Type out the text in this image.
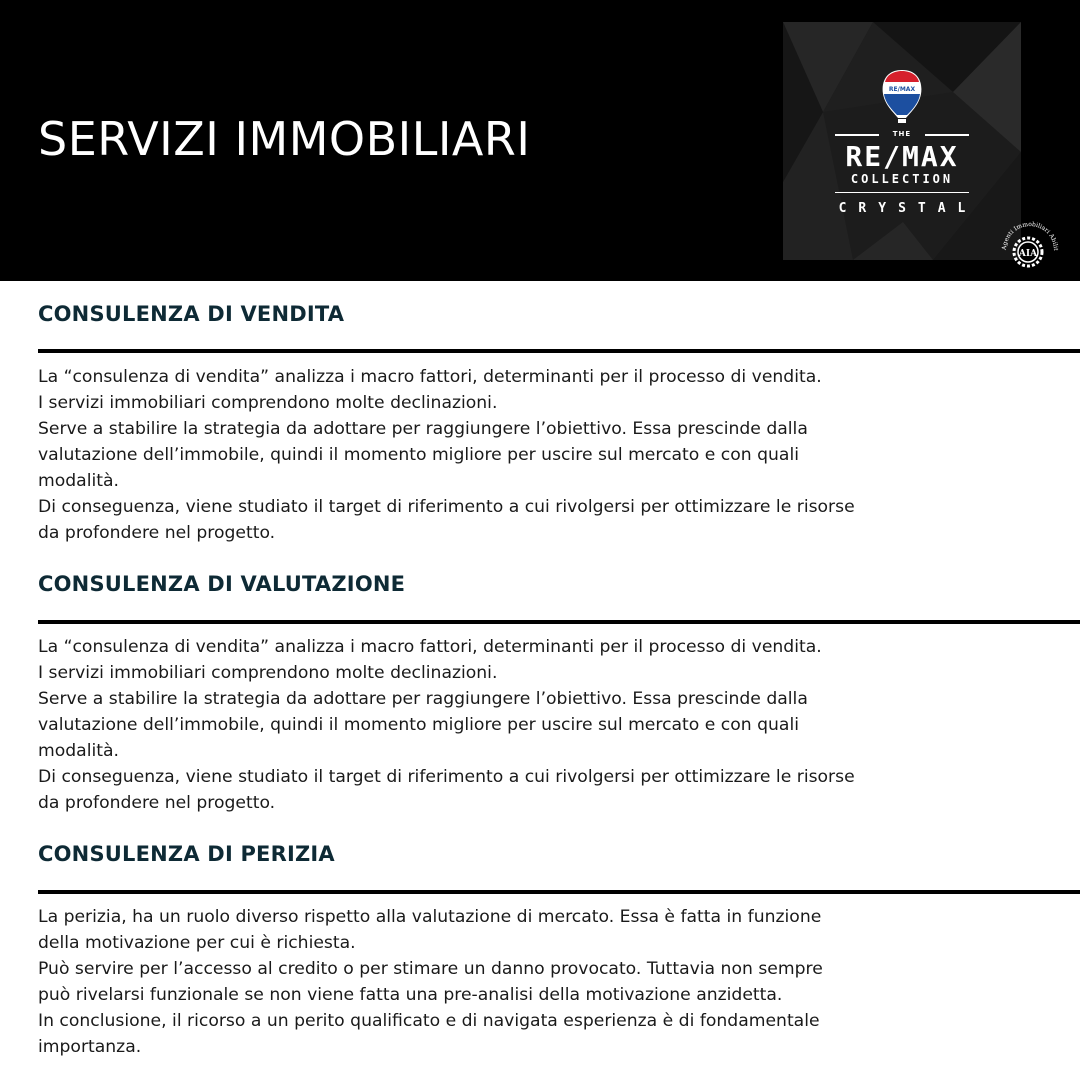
SERVIZI IMMOBILIARI
RE/MAX
THE
RE/MAX
COLLECTION
CRYSTAL
Agenti Immobiliari Abilit
AIA
CONSULENZA DI VENDITA
La “consulenza di vendita” analizza i macro fattori, determinanti per il processo di vendita.
I servizi immobiliari comprendono molte declinazioni.
Serve a stabilire la strategia da adottare per raggiungere l’obiettivo. Essa prescinde dalla
valutazione dell’immobile, quindi il momento migliore per uscire sul mercato e con quali
modalità.
Di conseguenza, viene studiato il target di riferimento a cui rivolgersi per ottimizzare le risorse
da profondere nel progetto.
CONSULENZA DI VALUTAZIONE
La “consulenza di vendita” analizza i macro fattori, determinanti per il processo di vendita.
I servizi immobiliari comprendono molte declinazioni.
Serve a stabilire la strategia da adottare per raggiungere l’obiettivo. Essa prescinde dalla
valutazione dell’immobile, quindi il momento migliore per uscire sul mercato e con quali
modalità.
Di conseguenza, viene studiato il target di riferimento a cui rivolgersi per ottimizzare le risorse
da profondere nel progetto.
CONSULENZA DI PERIZIA
La perizia, ha un ruolo diverso rispetto alla valutazione di mercato. Essa è fatta in funzione
della motivazione per cui è richiesta.
Può servire per l’accesso al credito o per stimare un danno provocato. Tuttavia non sempre
può rivelarsi funzionale se non viene fatta una pre-analisi della motivazione anzidetta.
In conclusione, il ricorso a un perito qualificato e di navigata esperienza è di fondamentale
importanza.
